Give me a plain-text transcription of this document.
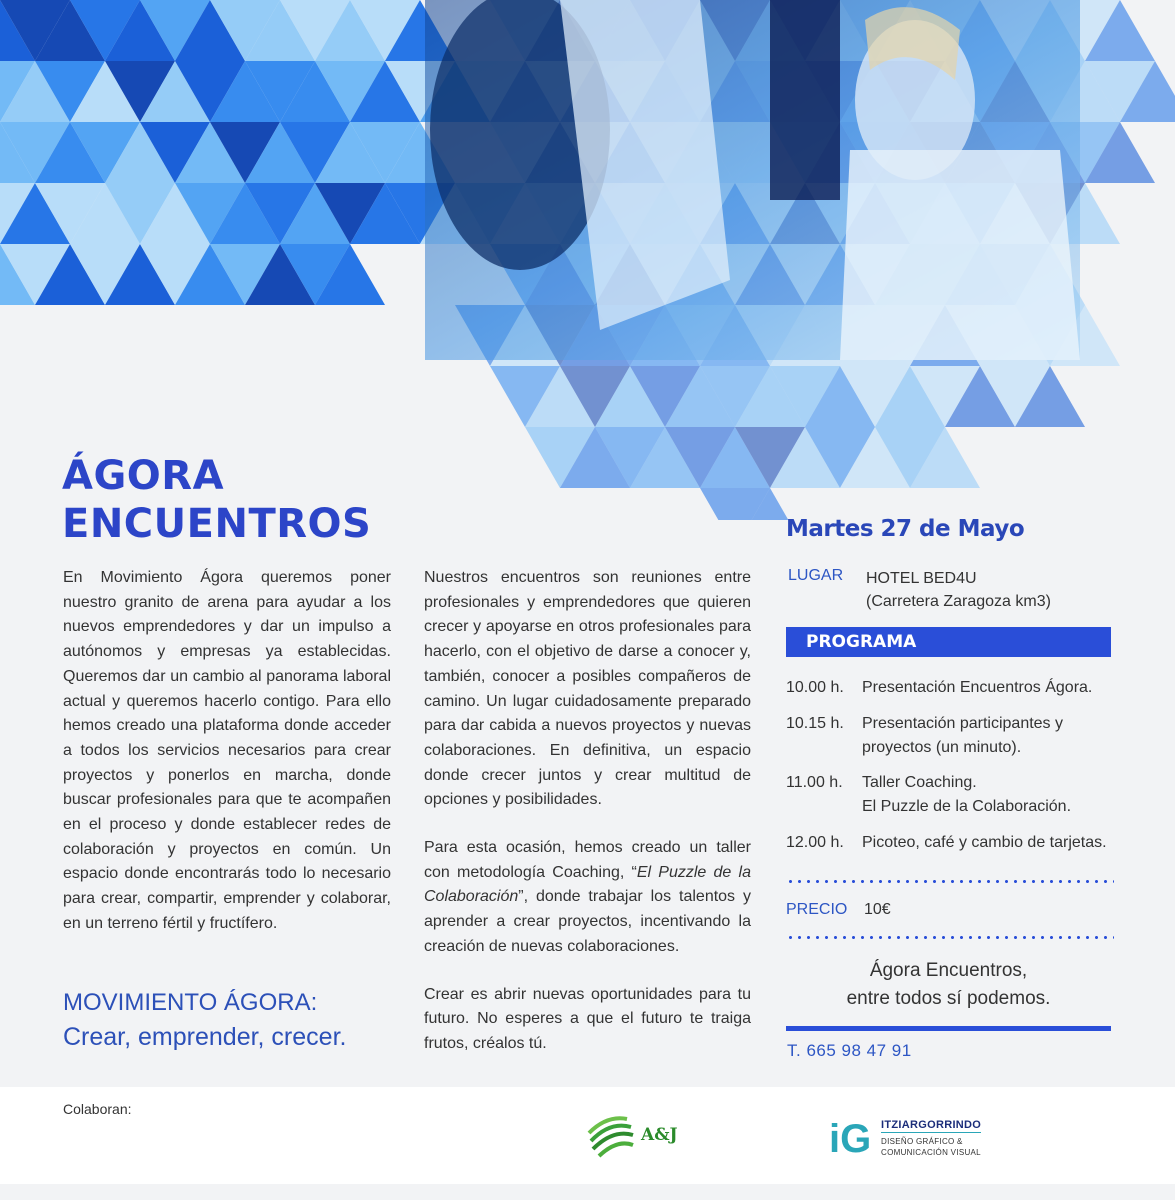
ÁGORA
ENCUENTROS

En Movimiento Ágora queremos poner nuestro granito de arena para ayudar a los nuevos emprendedores y dar un impulso a autónomos y empresas ya establecidas. Queremos dar un cambio al panorama laboral actual y queremos hacerlo contigo. Para ello hemos creado una plataforma donde acceder a todos los servicios necesarios para crear proyectos y ponerlos en marcha, donde buscar profesionales para que te acompañen en el proceso y donde establecer redes de colaboración y proyectos en común. Un espacio donde encontrarás todo lo necesario para crear, compartir, emprender y colaborar, en un terreno fértil y fructífero.

MOVIMIENTO ÁGORA:
Crear, emprender, crecer.

Nuestros encuentros son reuniones entre profesionales y emprendedores que quieren crecer y apoyarse en otros profesionales para hacerlo, con el objetivo de darse a conocer y, también, conocer a posibles compañeros de camino. Un lugar cuidadosamente preparado para dar cabida a nuevos proyectos y nuevas colaboraciones. En definitiva, un espacio donde crecer juntos y crear multitud de opciones y posibilidades.

Para esta ocasión, hemos creado un taller con metodología Coaching, “El Puzzle de la Colaboración”, donde trabajar los talentos y aprender a crear proyectos, incentivando la creación de nuevas colaboraciones.

Crear es abrir nuevas oportunidades para tu futuro. No esperes a que el futuro te traiga frutos, créalos tú.

Martes 27 de Mayo
LUGAR HOTEL BED4U
(Carretera Zaragoza km3)
PROGRAMA
10.00 h.	Presentación Encuentros Ágora.
10.15 h.	Presentación participantes y
proyectos (un minuto).
11.00 h.	Taller Coaching.
El Puzzle de la Colaboración.
12.00 h.	Picoteo, café y cambio de tarjetas.
PRECIO 10€
Ágora Encuentros,
entre todos sí podemos.
T. 665 98 47 91
Colaboran:
A&J	iG ITZIARGORRINDO
DISEÑO GRÁFICO &
COMUNICACIÓN VISUAL
